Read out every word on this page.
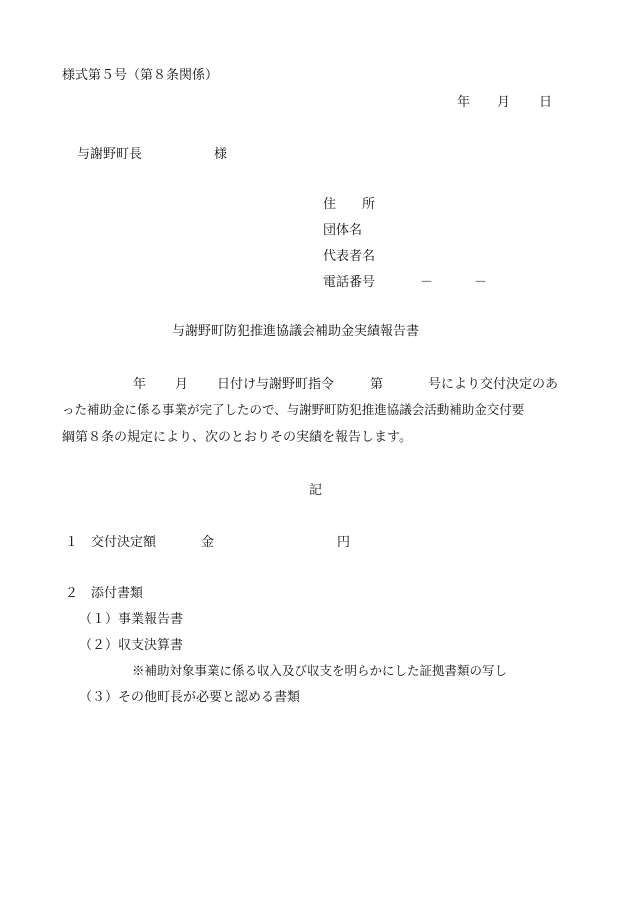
様式第５号（第８条関係）
年 月 日
与謝野町長	様
住　　所
団体名
代表者名
電話番号	－	－
与謝野町防犯推進協議会補助金実績報告書
年 月 日付け与謝野町指令	第	号により交付決定のあ
った補助金に係る事業が完了したので、与謝野町防犯推進協議会活動補助金交付要
綱第８条の規定により、次のとおりその実績を報告します。
記
１ 交付決定額	金	円
２ 添付書類
（１）事業報告書
（２）収支決算書
※補助対象事業に係る収入及び収支を明らかにした証拠書類の写し
（３）その他町長が必要と認める書類
